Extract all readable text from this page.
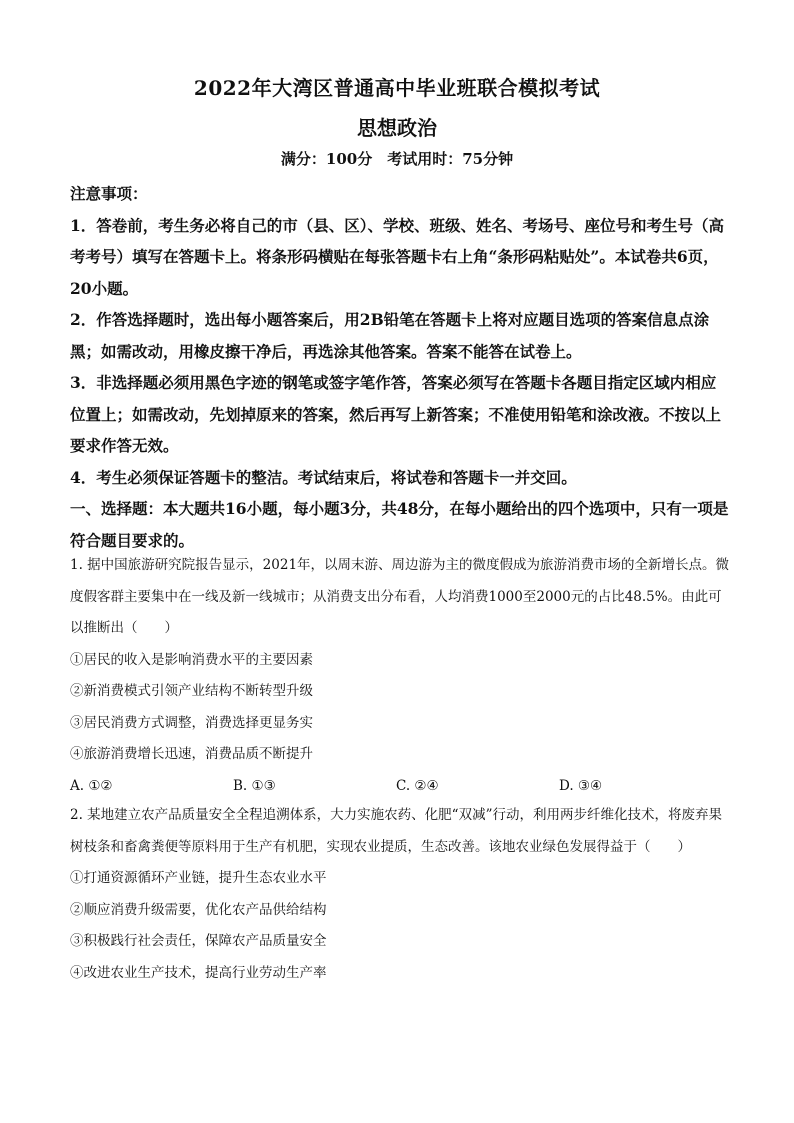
2022年大湾区普通高中毕业班联合模拟考试
思想政治
满分：100分　考试用时：75分钟

注意事项：

1．答卷前，考生务必将自己的市（县、区）、学校、班级、姓名、考场号、座位号和考生号（高考考号）填写在答题卡上。将条形码横贴在每张答题卡右上角“条形码粘贴处”。本试卷共6页，20小题。

2．作答选择题时，选出每小题答案后，用2B铅笔在答题卡上将对应题目选项的答案信息点涂黑；如需改动，用橡皮擦干净后，再选涂其他答案。答案不能答在试卷上。

3．非选择题必须用黑色字迹的钢笔或签字笔作答，答案必须写在答题卡各题目指定区域内相应位置上；如需改动，先划掉原来的答案，然后再写上新答案；不准使用铅笔和涂改液。不按以上要求作答无效。

4．考生必须保证答题卡的整洁。考试结束后，将试卷和答题卡一并交回。

一、选择题：本大题共16小题，每小题3分，共48分，在每小题给出的四个选项中，只有一项是符合题目要求的。

1. 据中国旅游研究院报告显示，2021年，以周末游、周边游为主的微度假成为旅游消费市场的全新增长点。微度假客群主要集中在一线及新一线城市；从消费支出分布看，人均消费1000至2000元的占比48.5%。由此可以推断出（　　）

①居民的收入是影响消费水平的主要因素

②新消费模式引领产业结构不断转型升级

③居民消费方式调整，消费选择更显务实

④旅游消费增长迅速，消费品质不断提升

A. ①②	B. ①③	C. ②④	D. ③④

2. 某地建立农产品质量安全全程追溯体系，大力实施农药、化肥“双减”行动，利用两步纤维化技术，将废弃果树枝条和畜禽粪便等原料用于生产有机肥，实现农业提质，生态改善。该地农业绿色发展得益于（　　）

①打通资源循环产业链，提升生态农业水平

②顺应消费升级需要，优化农产品供给结构

③积极践行社会责任，保障农产品质量安全

④改进农业生产技术，提高行业劳动生产率
